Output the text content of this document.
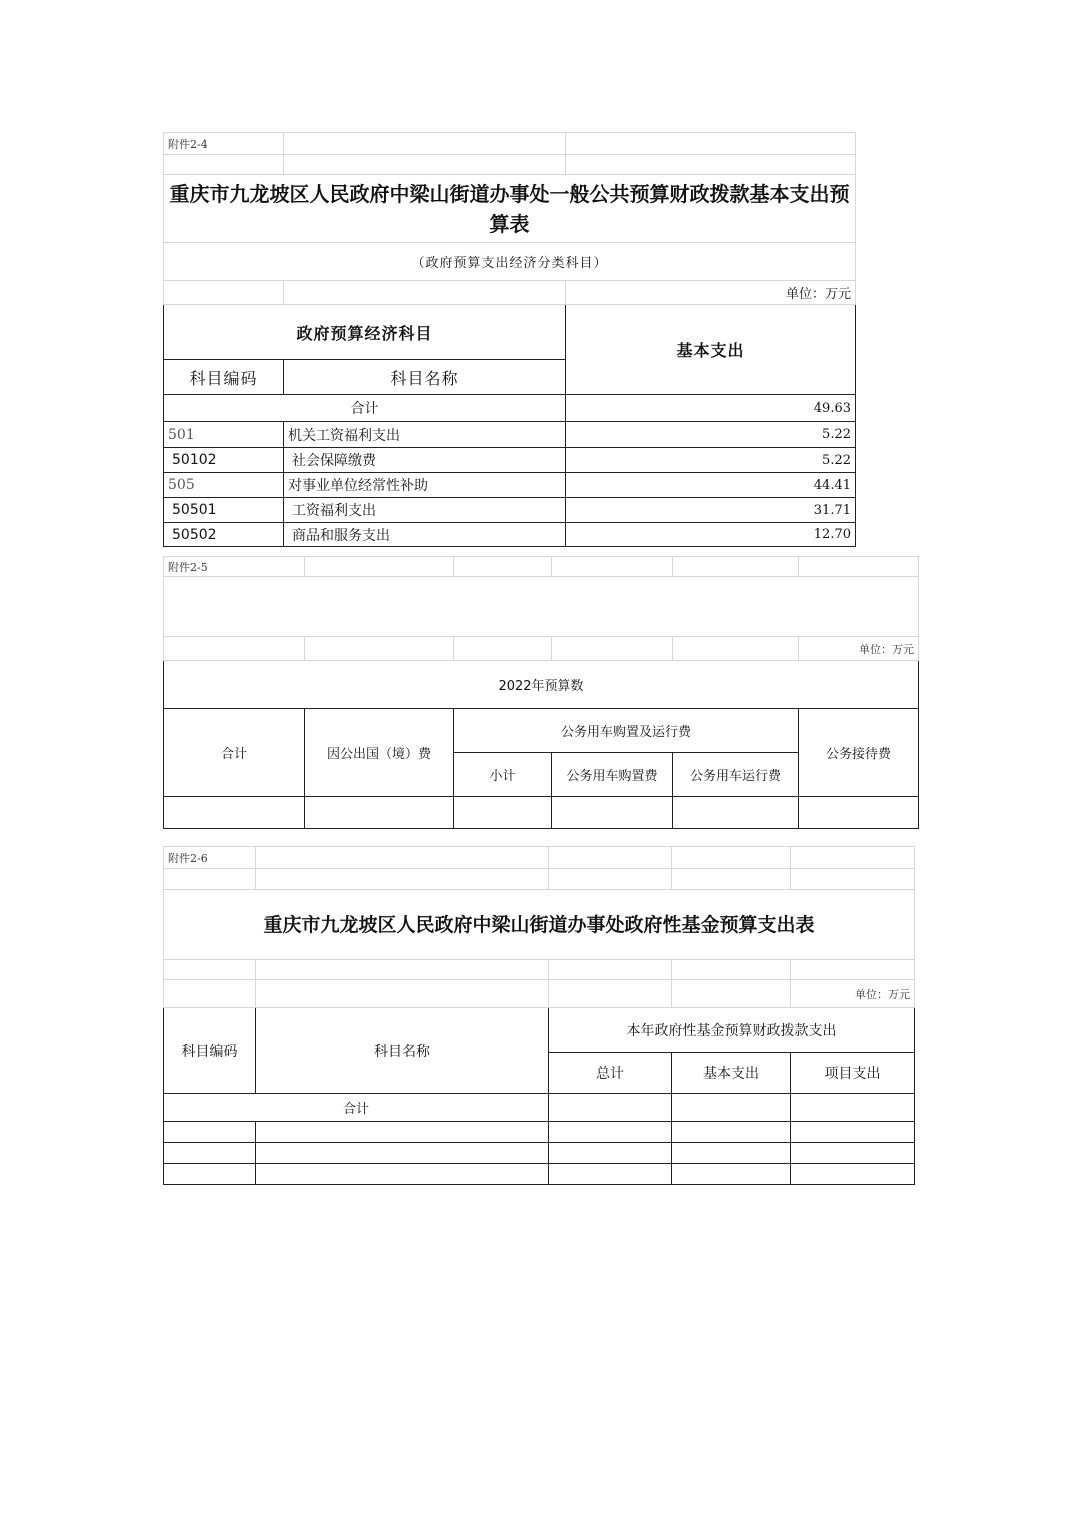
附件2-4		

重庆市九龙坡区人民政府中梁山街道办事处一般公共预算财政拨款基本支出预算表		
（政府预算支出经济分类科目）		
		单位：万元
政府预算经济科目		基本支出
科目编码	科目名称	
合计		49.63
501	机关工资福利支出	5.22
50102	社会保障缴费	5.22
505	对事业单位经常性补助	44.41
50501	工资福利支出	31.71
50502	商品和服务支出	12.70
附件2-5					

					单位：万元
2022年预算数					
合计	因公出国（境）费	公务用车购置及运行费			公务接待费
		小计	公务用车购置费	公务用车运行费	

附件2-6				

重庆市九龙坡区人民政府中梁山街道办事处政府性基金预算支出表				

				单位：万元
科目编码	科目名称	本年政府性基金预算财政拨款支出		
		总计	基本支出	项目支出
合计				
